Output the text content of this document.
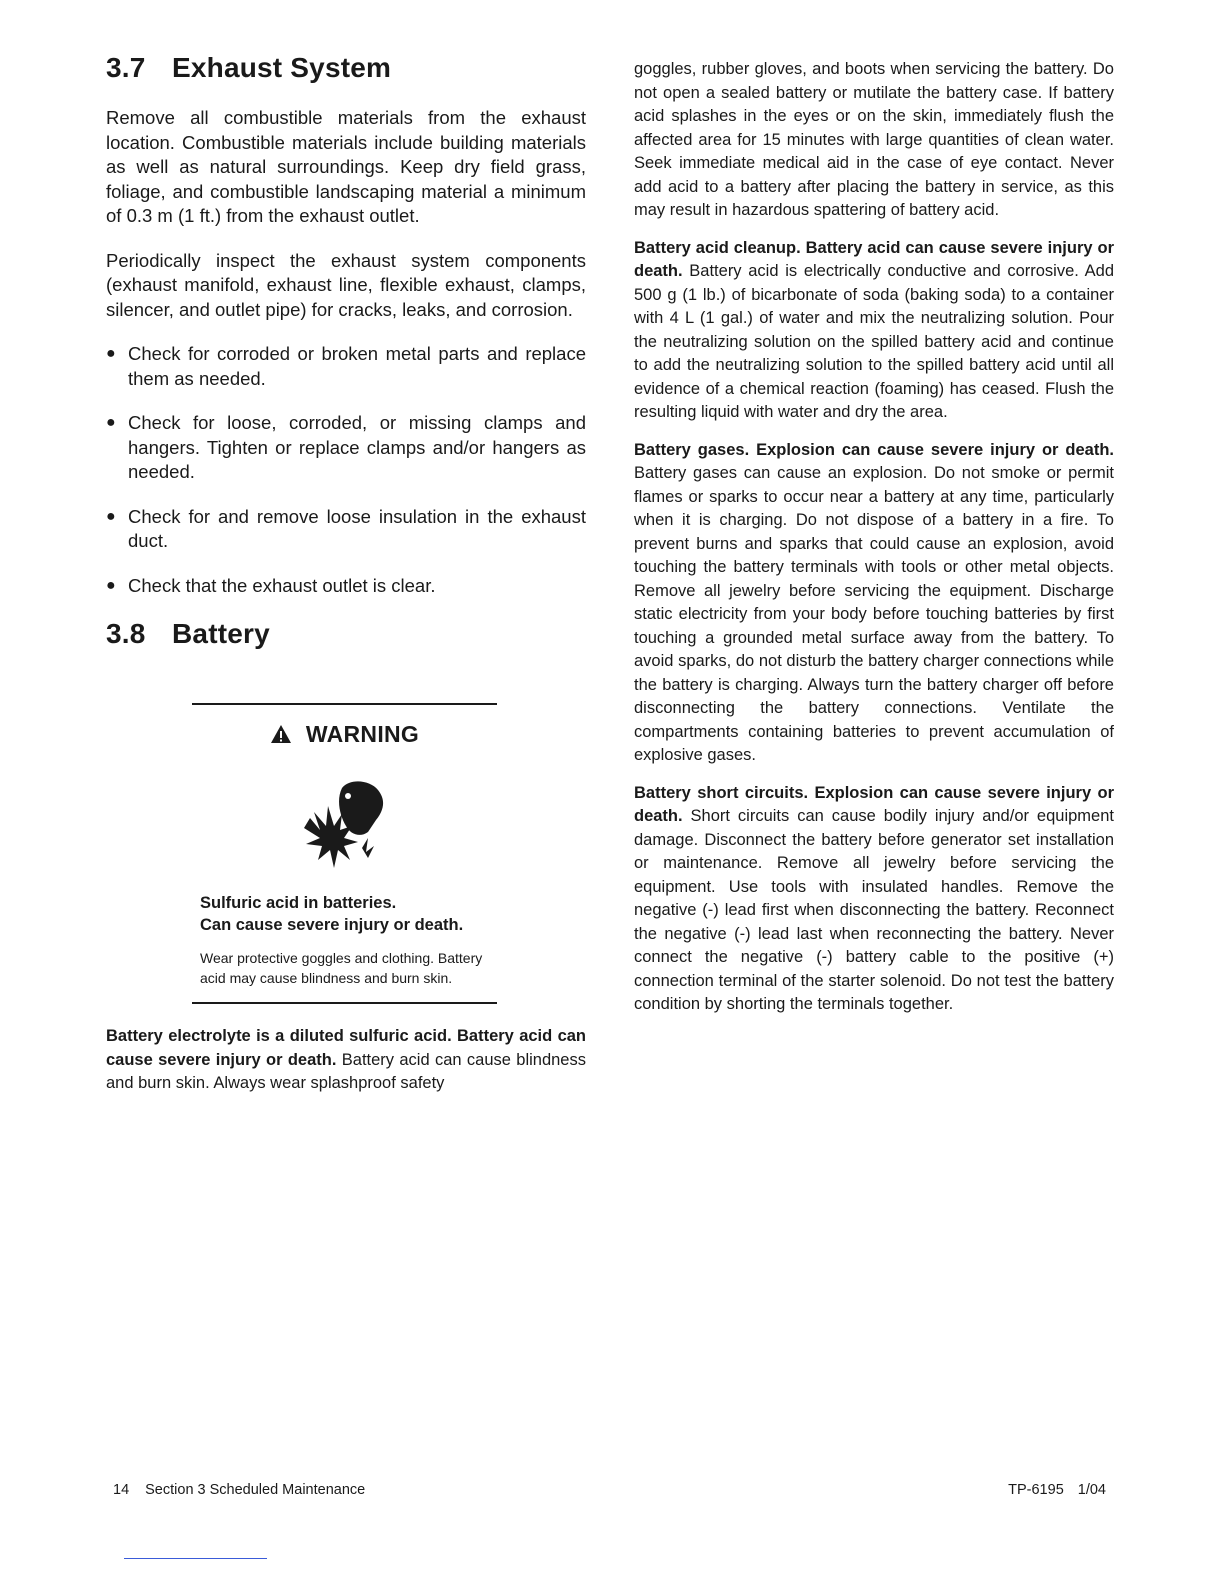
3.7 Exhaust System

Remove all combustible materials from the exhaust location. Combustible materials include building materials as well as natural surroundings. Keep dry field grass, foliage, and combustible landscaping material a minimum of 0.3 m (1 ft.) from the exhaust outlet.

Periodically inspect the exhaust system components (exhaust manifold, exhaust line, flexible exhaust, clamps, silencer, and outlet pipe) for cracks, leaks, and corrosion.

● Check for corroded or broken metal parts and replace them as needed.
● Check for loose, corroded, or missing clamps and hangers. Tighten or replace clamps and/or hangers as needed.
● Check for and remove loose insulation in the exhaust duct.
● Check that the exhaust outlet is clear.
3.8 Battery
WARNING
Sulfuric acid in batteries.
Can cause severe injury or death.
Wear protective goggles and clothing. Battery acid may cause blindness and burn skin.

Battery electrolyte is a diluted sulfuric acid. Battery acid can cause severe injury or death. Battery acid can cause blindness and burn skin. Always wear splashproof safety

goggles, rubber gloves, and boots when servicing the battery. Do not open a sealed battery or mutilate the battery case. If battery acid splashes in the eyes or on the skin, immediately flush the affected area for 15 minutes with large quantities of clean water. Seek immediate medical aid in the case of eye contact. Never add acid to a battery after placing the battery in service, as this may result in hazardous spattering of battery acid.

Battery acid cleanup. Battery acid can cause severe injury or death. Battery acid is electrically conductive and corrosive. Add 500 g (1 lb.) of bicarbonate of soda (baking soda) to a container with 4 L (1 gal.) of water and mix the neutralizing solution. Pour the neutralizing solution on the spilled battery acid and continue to add the neutralizing solution to the spilled battery acid until all evidence of a chemical reaction (foaming) has ceased. Flush the resulting liquid with water and dry the area.

Battery gases. Explosion can cause severe injury or death. Battery gases can cause an explosion. Do not smoke or permit flames or sparks to occur near a battery at any time, particularly when it is charging. Do not dispose of a battery in a fire. To prevent burns and sparks that could cause an explosion, avoid touching the battery terminals with tools or other metal objects. Remove all jewelry before servicing the equipment. Discharge static electricity from your body before touching batteries by first touching a grounded metal surface away from the battery. To avoid sparks, do not disturb the battery charger connections while the battery is charging. Always turn the battery charger off before disconnecting the battery connections. Ventilate the compartments containing batteries to prevent accumulation of explosive gases.

Battery short circuits. Explosion can cause severe injury or death. Short circuits can cause bodily injury and/or equipment damage. Disconnect the battery before generator set installation or maintenance. Remove all jewelry before servicing the equipment. Use tools with insulated handles. Remove the negative (-) lead first when disconnecting the battery. Reconnect the negative (-) lead last when reconnecting the battery. Never connect the negative (-) battery cable to the positive (+) connection terminal of the starter solenoid. Do not test the battery condition by shorting the terminals together.

14 Section 3 Scheduled Maintenance	TP-6195 1/04
